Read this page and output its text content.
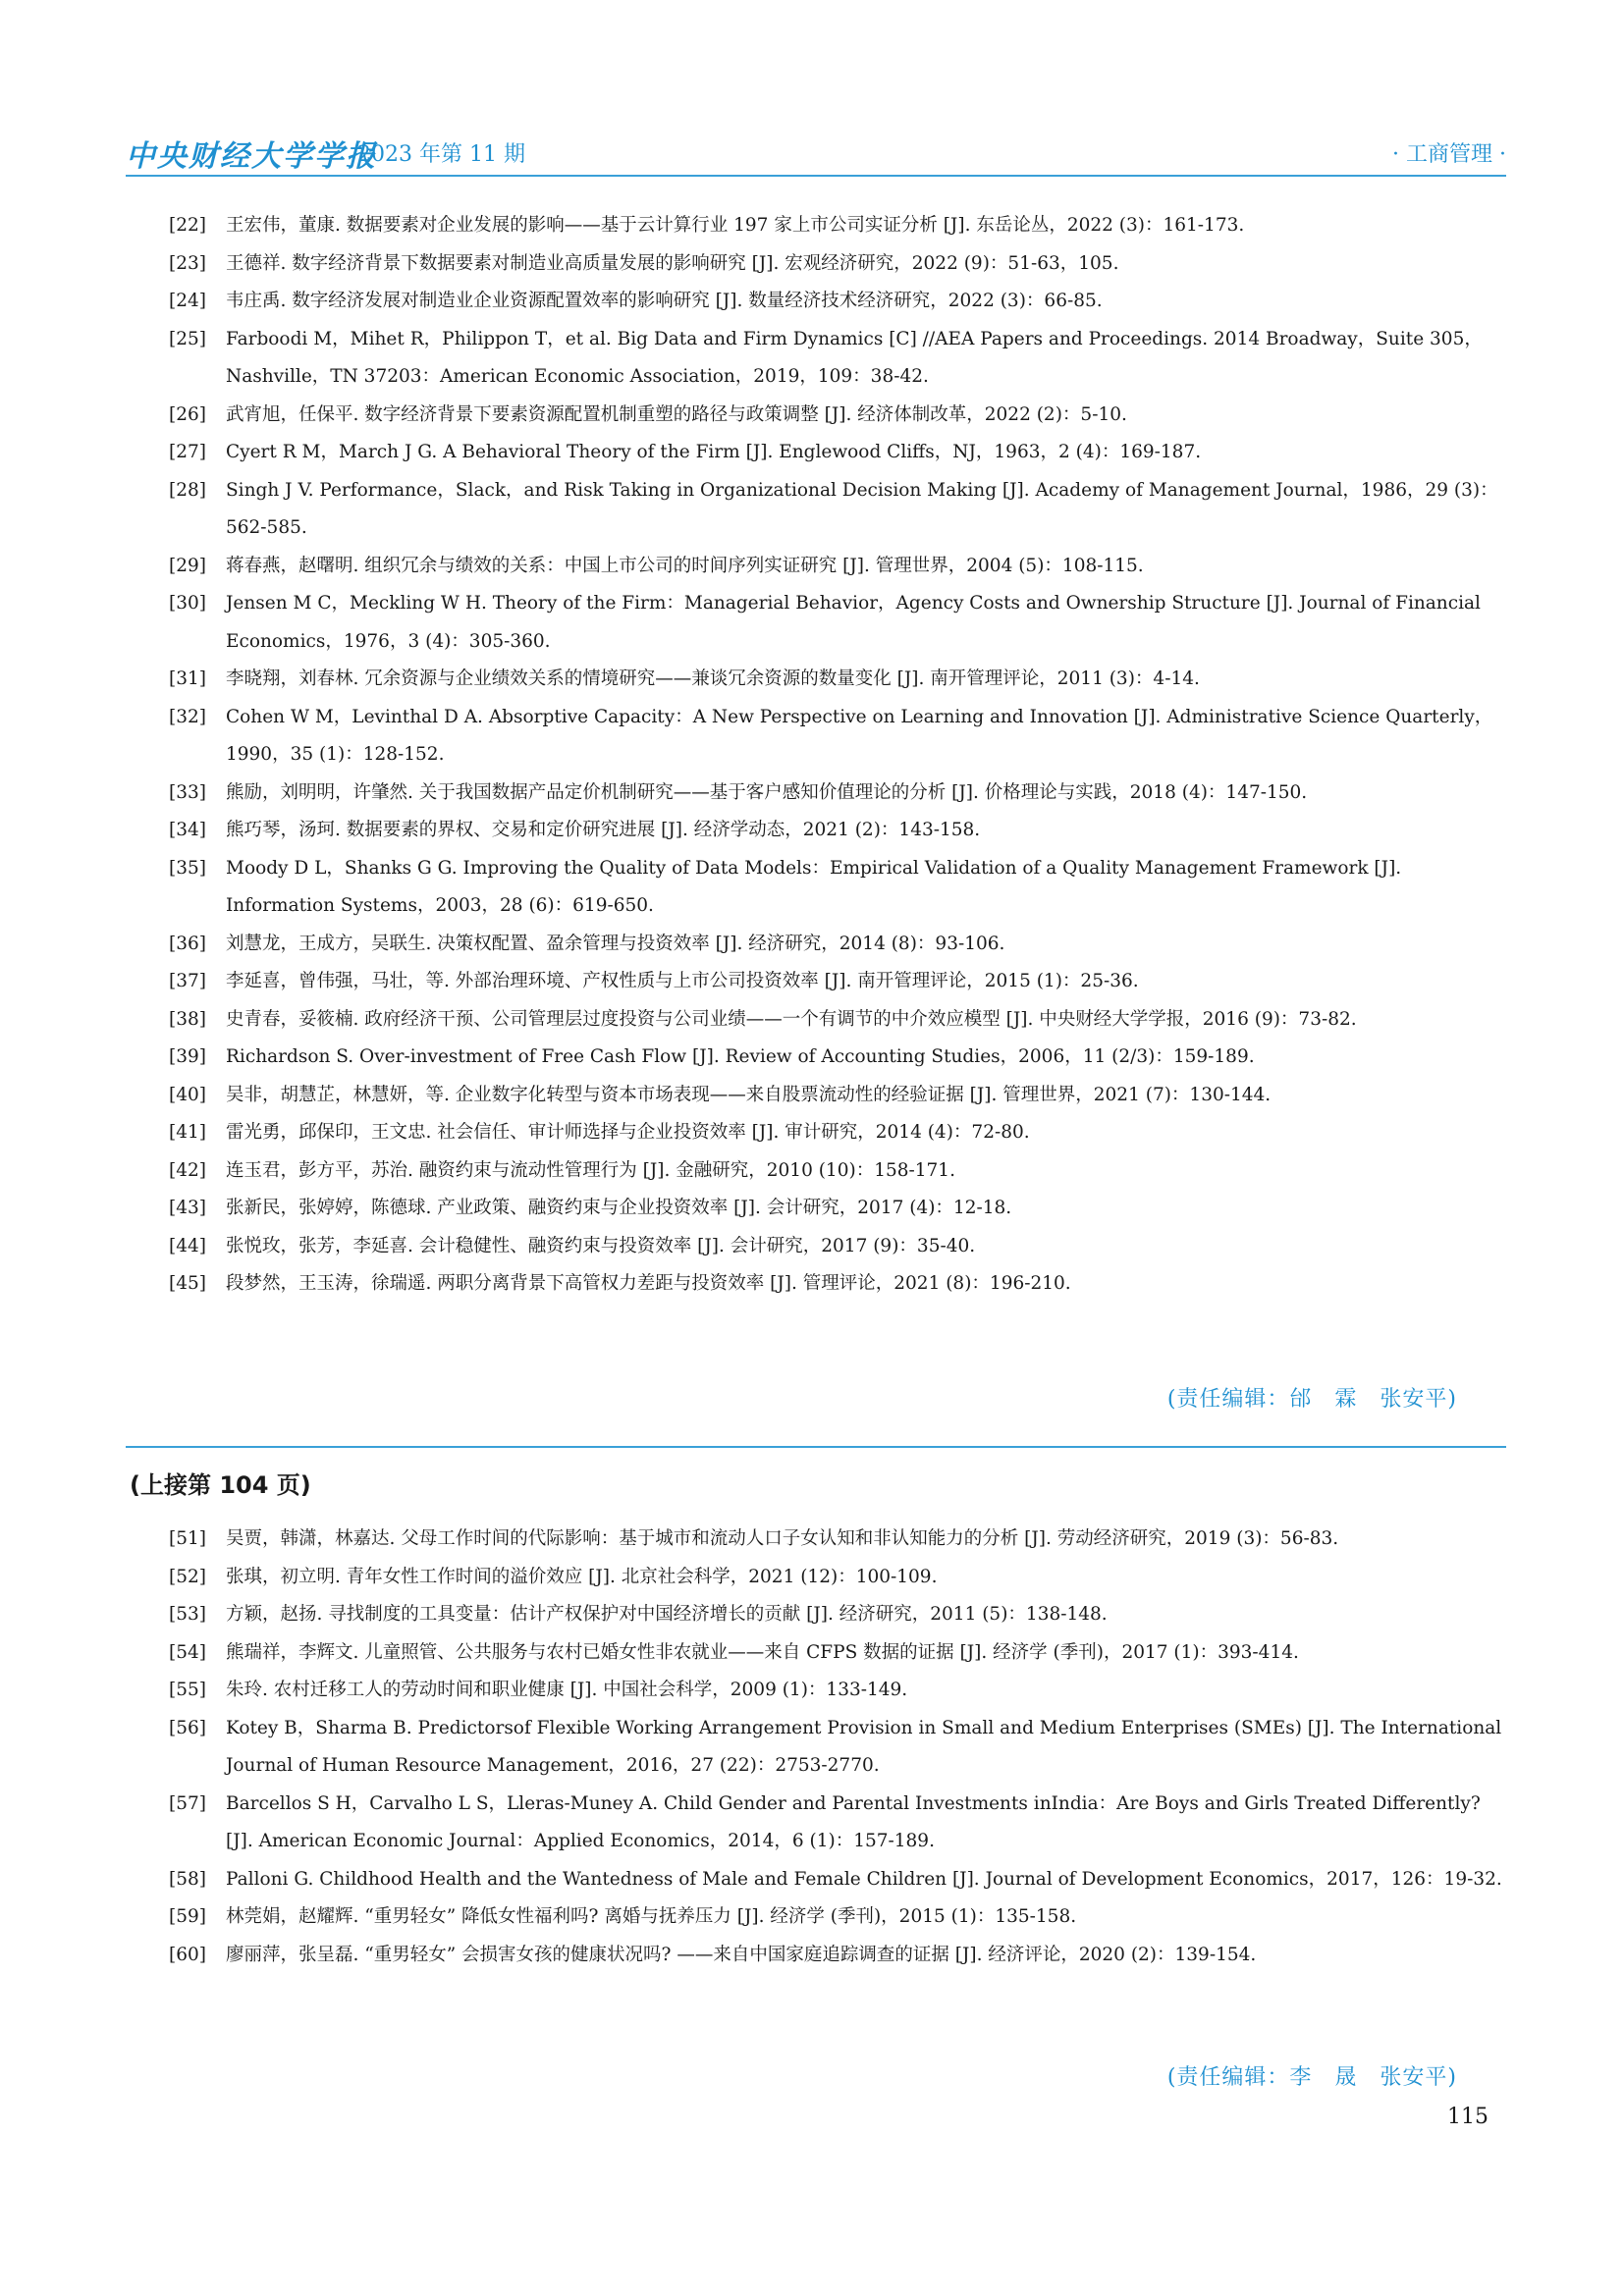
中央财经大学学报
2023 年第 11 期	· 工商管理 ·
[22] 王宏伟，董康. 数据要素对企业发展的影响——基于云计算行业 197 家上市公司实证分析 [J]. 东岳论丛，2022 (3)：161-173.
[23] 王德祥. 数字经济背景下数据要素对制造业高质量发展的影响研究 [J]. 宏观经济研究，2022 (9)：51-63，105.
[24] 韦庄禹. 数字经济发展对制造业企业资源配置效率的影响研究 [J]. 数量经济技术经济研究，2022 (3)：66-85.
[25] Farboodi M，Mihet R，Philippon T，et al. Big Data and Firm Dynamics [C] //AEA Papers and Proceedings. 2014 Broadway，Suite 305，Nashville，TN 37203：American Economic Association，2019，109：38-42.
[26] 武宵旭，任保平. 数字经济背景下要素资源配置机制重塑的路径与政策调整 [J]. 经济体制改革，2022 (2)：5-10.
[27] Cyert R M，March J G. A Behavioral Theory of the Firm [J]. Englewood Cliffs，NJ，1963，2 (4)：169-187.
[28] Singh J V. Performance，Slack，and Risk Taking in Organizational Decision Making [J]. Academy of Management Journal，1986，29 (3)：562-585.
[29] 蒋春燕，赵曙明. 组织冗余与绩效的关系：中国上市公司的时间序列实证研究 [J]. 管理世界，2004 (5)：108-115.
[30] Jensen M C，Meckling W H. Theory of the Firm：Managerial Behavior，Agency Costs and Ownership Structure [J]. Journal of Financial Economics，1976，3 (4)：305-360.
[31] 李晓翔，刘春林. 冗余资源与企业绩效关系的情境研究——兼谈冗余资源的数量变化 [J]. 南开管理评论，2011 (3)：4-14.
[32] Cohen W M，Levinthal D A. Absorptive Capacity：A New Perspective on Learning and Innovation [J]. Administrative Science Quarterly，1990，35 (1)：128-152.
[33] 熊励，刘明明，许肇然. 关于我国数据产品定价机制研究——基于客户感知价值理论的分析 [J]. 价格理论与实践，2018 (4)：147-150.
[34] 熊巧琴，汤珂. 数据要素的界权、交易和定价研究进展 [J]. 经济学动态，2021 (2)：143-158.
[35] Moody D L，Shanks G G. Improving the Quality of Data Models：Empirical Validation of a Quality Management Framework [J]. Information Systems，2003，28 (6)：619-650.
[36] 刘慧龙，王成方，吴联生. 决策权配置、盈余管理与投资效率 [J]. 经济研究，2014 (8)：93-106.
[37] 李延喜，曾伟强，马壮，等. 外部治理环境、产权性质与上市公司投资效率 [J]. 南开管理评论，2015 (1)：25-36.
[38] 史青春，妥筱楠. 政府经济干预、公司管理层过度投资与公司业绩——一个有调节的中介效应模型 [J]. 中央财经大学学报，2016 (9)：73-82.
[39] Richardson S. Over-investment of Free Cash Flow [J]. Review of Accounting Studies，2006，11 (2/3)：159-189.
[40] 吴非，胡慧芷，林慧妍，等. 企业数字化转型与资本市场表现——来自股票流动性的经验证据 [J]. 管理世界，2021 (7)：130-144.
[41] 雷光勇，邱保印，王文忠. 社会信任、审计师选择与企业投资效率 [J]. 审计研究，2014 (4)：72-80.
[42] 连玉君，彭方平，苏治. 融资约束与流动性管理行为 [J]. 金融研究，2010 (10)：158-171.
[43] 张新民，张婷婷，陈德球. 产业政策、融资约束与企业投资效率 [J]. 会计研究，2017 (4)：12-18.
[44] 张悦玫，张芳，李延喜. 会计稳健性、融资约束与投资效率 [J]. 会计研究，2017 (9)：35-40.
[45] 段梦然，王玉涛，徐瑞遥. 两职分离背景下高管权力差距与投资效率 [J]. 管理评论，2021 (8)：196-210.
(责任编辑：邰　霖　张安平)
(上接第 104 页)
[51] 吴贾，韩潇，林嘉达. 父母工作时间的代际影响：基于城市和流动人口子女认知和非认知能力的分析 [J]. 劳动经济研究，2019 (3)：56-83.
[52] 张琪，初立明. 青年女性工作时间的溢价效应 [J]. 北京社会科学，2021 (12)：100-109.
[53] 方颖，赵扬. 寻找制度的工具变量：估计产权保护对中国经济增长的贡献 [J]. 经济研究，2011 (5)：138-148.
[54] 熊瑞祥，李辉文. 儿童照管、公共服务与农村已婚女性非农就业——来自 CFPS 数据的证据 [J]. 经济学 (季刊)，2017 (1)：393-414.
[55] 朱玲. 农村迁移工人的劳动时间和职业健康 [J]. 中国社会科学，2009 (1)：133-149.
[56] Kotey B，Sharma B. Predictorsof Flexible Working Arrangement Provision in Small and Medium Enterprises (SMEs) [J]. The International Journal of Human Resource Management，2016，27 (22)：2753-2770.
[57] Barcellos S H，Carvalho L S，Lleras-Muney A. Child Gender and Parental Investments inIndia：Are Boys and Girls Treated Differently? [J]. American Economic Journal：Applied Economics，2014，6 (1)：157-189.
[58] Palloni G. Childhood Health and the Wantedness of Male and Female Children [J]. Journal of Development Economics，2017，126：19-32.
[59] 林莞娟，赵耀辉. “重男轻女” 降低女性福利吗? 离婚与抚养压力 [J]. 经济学 (季刊)，2015 (1)：135-158.
[60] 廖丽萍，张呈磊. “重男轻女” 会损害女孩的健康状况吗? ——来自中国家庭追踪调查的证据 [J]. 经济评论，2020 (2)：139-154.
(责任编辑：李　晟　张安平)
115
